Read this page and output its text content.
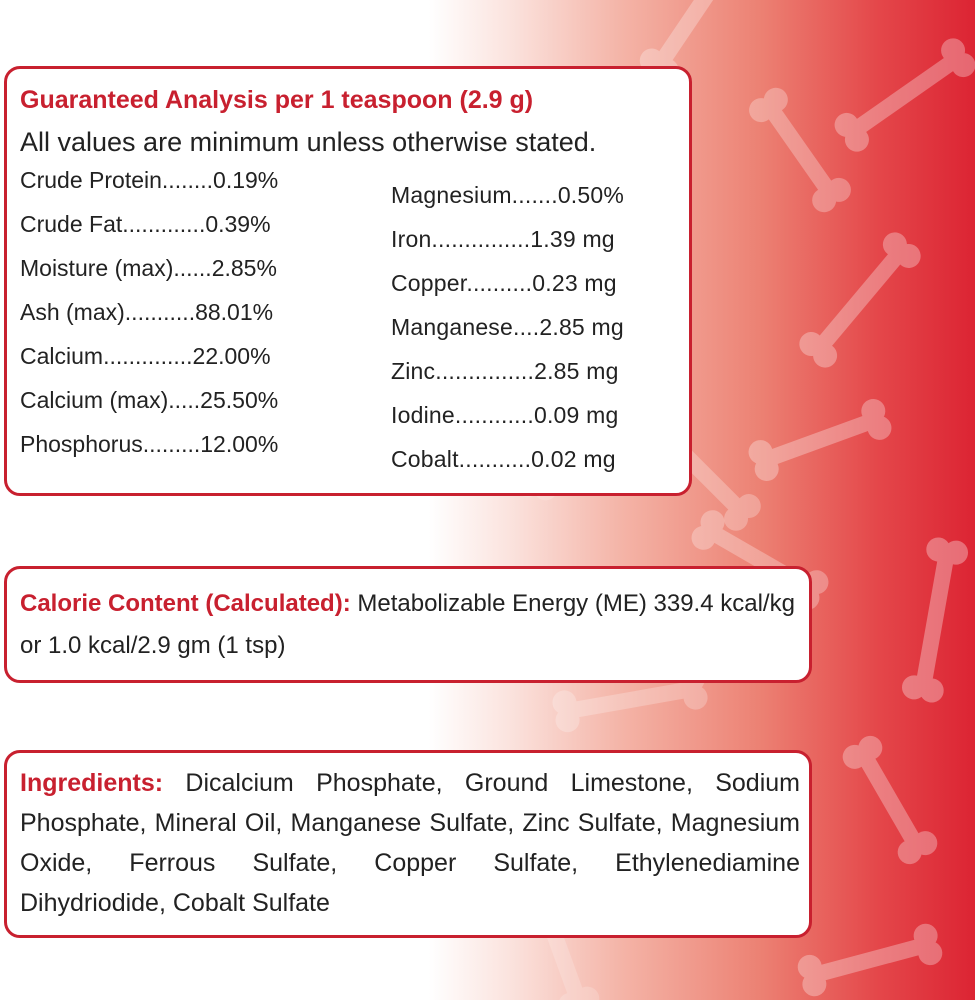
Guaranteed Analysis per 1 teaspoon (2.9 g)
All values are minimum unless otherwise stated.
Crude Protein........0.19%
Crude Fat.............0.39%
Moisture (max)......2.85%
Ash (max)...........88.01%
Calcium..............22.00%
Calcium (max).....25.50%
Phosphorus.........12.00%
Magnesium.......0.50%
Iron...............1.39 mg
Copper..........0.23 mg
Manganese....2.85 mg
Zinc...............2.85 mg
Iodine............0.09 mg
Cobalt...........0.02 mg
Calorie Content (Calculated): Metabolizable Energy (ME) 339.4 kcal/kg or 1.0 kcal/2.9 gm (1 tsp)
Ingredients: Dicalcium Phosphate, Ground Limestone, Sodium Phosphate, Mineral Oil, Manganese Sulfate, Zinc Sulfate, Magnesium Oxide, Ferrous Sulfate, Copper Sulfate, Ethylenediamine Dihydriodide, Cobalt Sulfate
